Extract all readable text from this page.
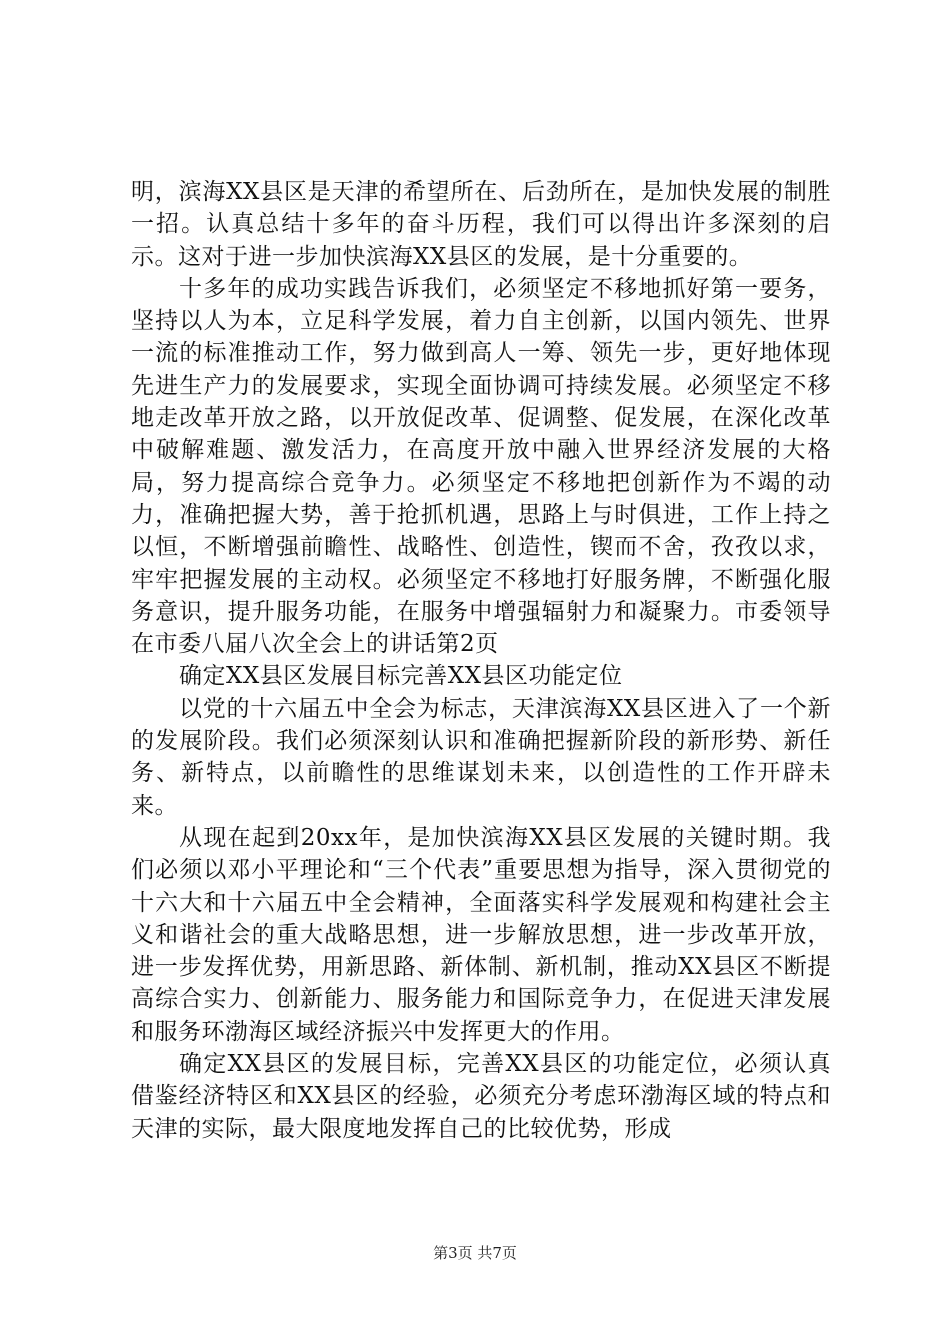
明，滨海XX县区是天津的希望所在、后劲所在，是加快发展的制胜一招。认真总结十多年的奋斗历程，我们可以得出许多深刻的启示。这对于进一步加快滨海XX县区的发展，是十分重要的。

十多年的成功实践告诉我们，必须坚定不移地抓好第一要务，坚持以人为本，立足科学发展，着力自主创新，以国内领先、世界一流的标准推动工作，努力做到高人一筹、领先一步，更好地体现先进生产力的发展要求，实现全面协调可持续发展。必须坚定不移地走改革开放之路，以开放促改革、促调整、促发展，在深化改革中破解难题、激发活力，在高度开放中融入世界经济发展的大格局，努力提高综合竞争力。必须坚定不移地把创新作为不竭的动力，准确把握大势，善于抢抓机遇，思路上与时俱进，工作上持之以恒，不断增强前瞻性、战略性、创造性，锲而不舍，孜孜以求，牢牢把握发展的主动权。必须坚定不移地打好服务牌，不断强化服务意识，提升服务功能，在服务中增强辐射力和凝聚力。市委领导在市委八届八次全会上的讲话第2页

确定XX县区发展目标完善XX县区功能定位

以党的十六届五中全会为标志，天津滨海XX县区进入了一个新的发展阶段。我们必须深刻认识和准确把握新阶段的新形势、新任务、新特点，以前瞻性的思维谋划未来，以创造性的工作开辟未来。

从现在起到20xx年，是加快滨海XX县区发展的关键时期。我们必须以邓小平理论和“三个代表”重要思想为指导，深入贯彻党的十六大和十六届五中全会精神，全面落实科学发展观和构建社会主义和谐社会的重大战略思想，进一步解放思想，进一步改革开放，进一步发挥优势，用新思路、新体制、新机制，推动XX县区不断提高综合实力、创新能力、服务能力和国际竞争力，在促进天津发展和服务环渤海区域经济振兴中发挥更大的作用。

确定XX县区的发展目标，完善XX县区的功能定位，必须认真借鉴经济特区和XX县区的经验，必须充分考虑环渤海区域的特点和天津的实际，最大限度地发挥自己的比较优势，形成

第3页 共7页
